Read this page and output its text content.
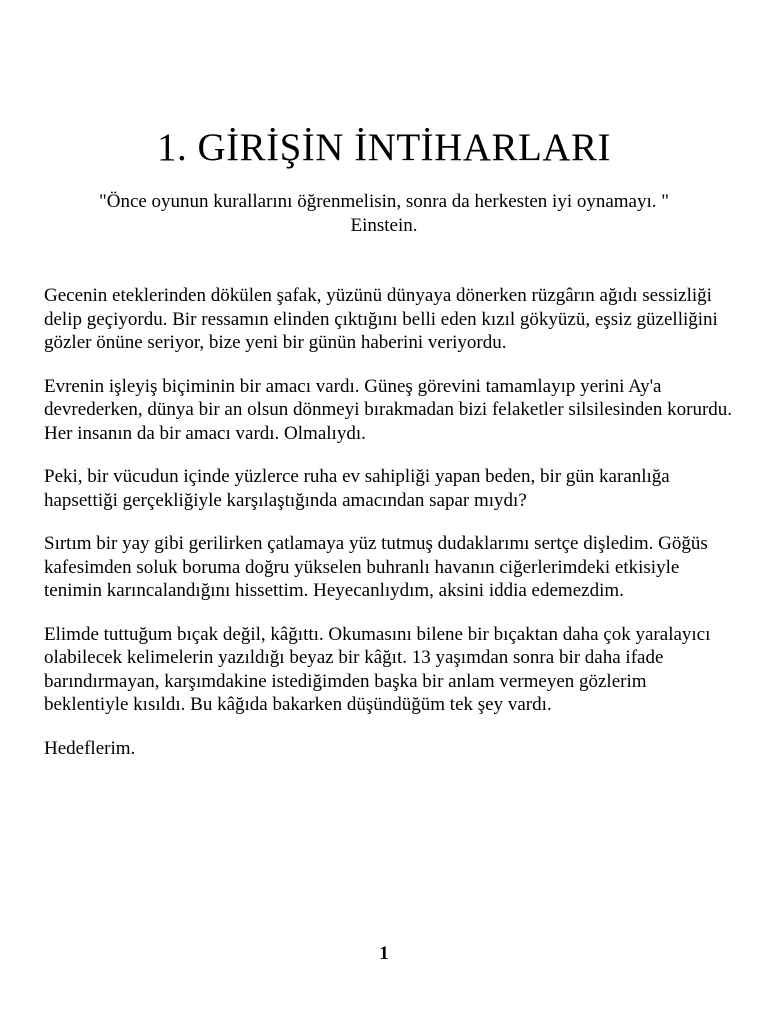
1. GİRİŞİN İNTİHARLARI

"Önce oyunun kurallarını öğrenmelisin, sonra da herkesten iyi oynamayı. " Einstein.

Gecenin eteklerinden dökülen şafak, yüzünü dünyaya dönerken rüzgârın ağıdı sessizliği delip geçiyordu. Bir ressamın elinden çıktığını belli eden kızıl gökyüzü, eşsiz güzelliğini gözler önüne seriyor, bize yeni bir günün haberini veriyordu.

Evrenin işleyiş biçiminin bir amacı vardı. Güneş görevini tamamlayıp yerini Ay'a devrederken, dünya bir an olsun dönmeyi bırakmadan bizi felaketler silsilesinden korurdu. Her insanın da bir amacı vardı. Olmalıydı.

Peki, bir vücudun içinde yüzlerce ruha ev sahipliği yapan beden, bir gün karanlığa hapsettiği gerçekliğiyle karşılaştığında amacından sapar mıydı?

Sırtım bir yay gibi gerilirken çatlamaya yüz tutmuş dudaklarımı sertçe dişledim. Göğüs kafesimden soluk boruma doğru yükselen buhranlı havanın ciğerlerimdeki etkisiyle tenimin karıncalandığını hissettim. Heyecanlıydım, aksini iddia edemezdim.

Elimde tuttuğum bıçak değil, kâğıttı. Okumasını bilene bir bıçaktan daha çok yaralayıcı olabilecek kelimelerin yazıldığı beyaz bir kâğıt. 13 yaşımdan sonra bir daha ifade barındırmayan, karşımdakine istediğimden başka bir anlam vermeyen gözlerim beklentiyle kısıldı. Bu kâğıda bakarken düşündüğüm tek şey vardı.

Hedeflerim.

1
